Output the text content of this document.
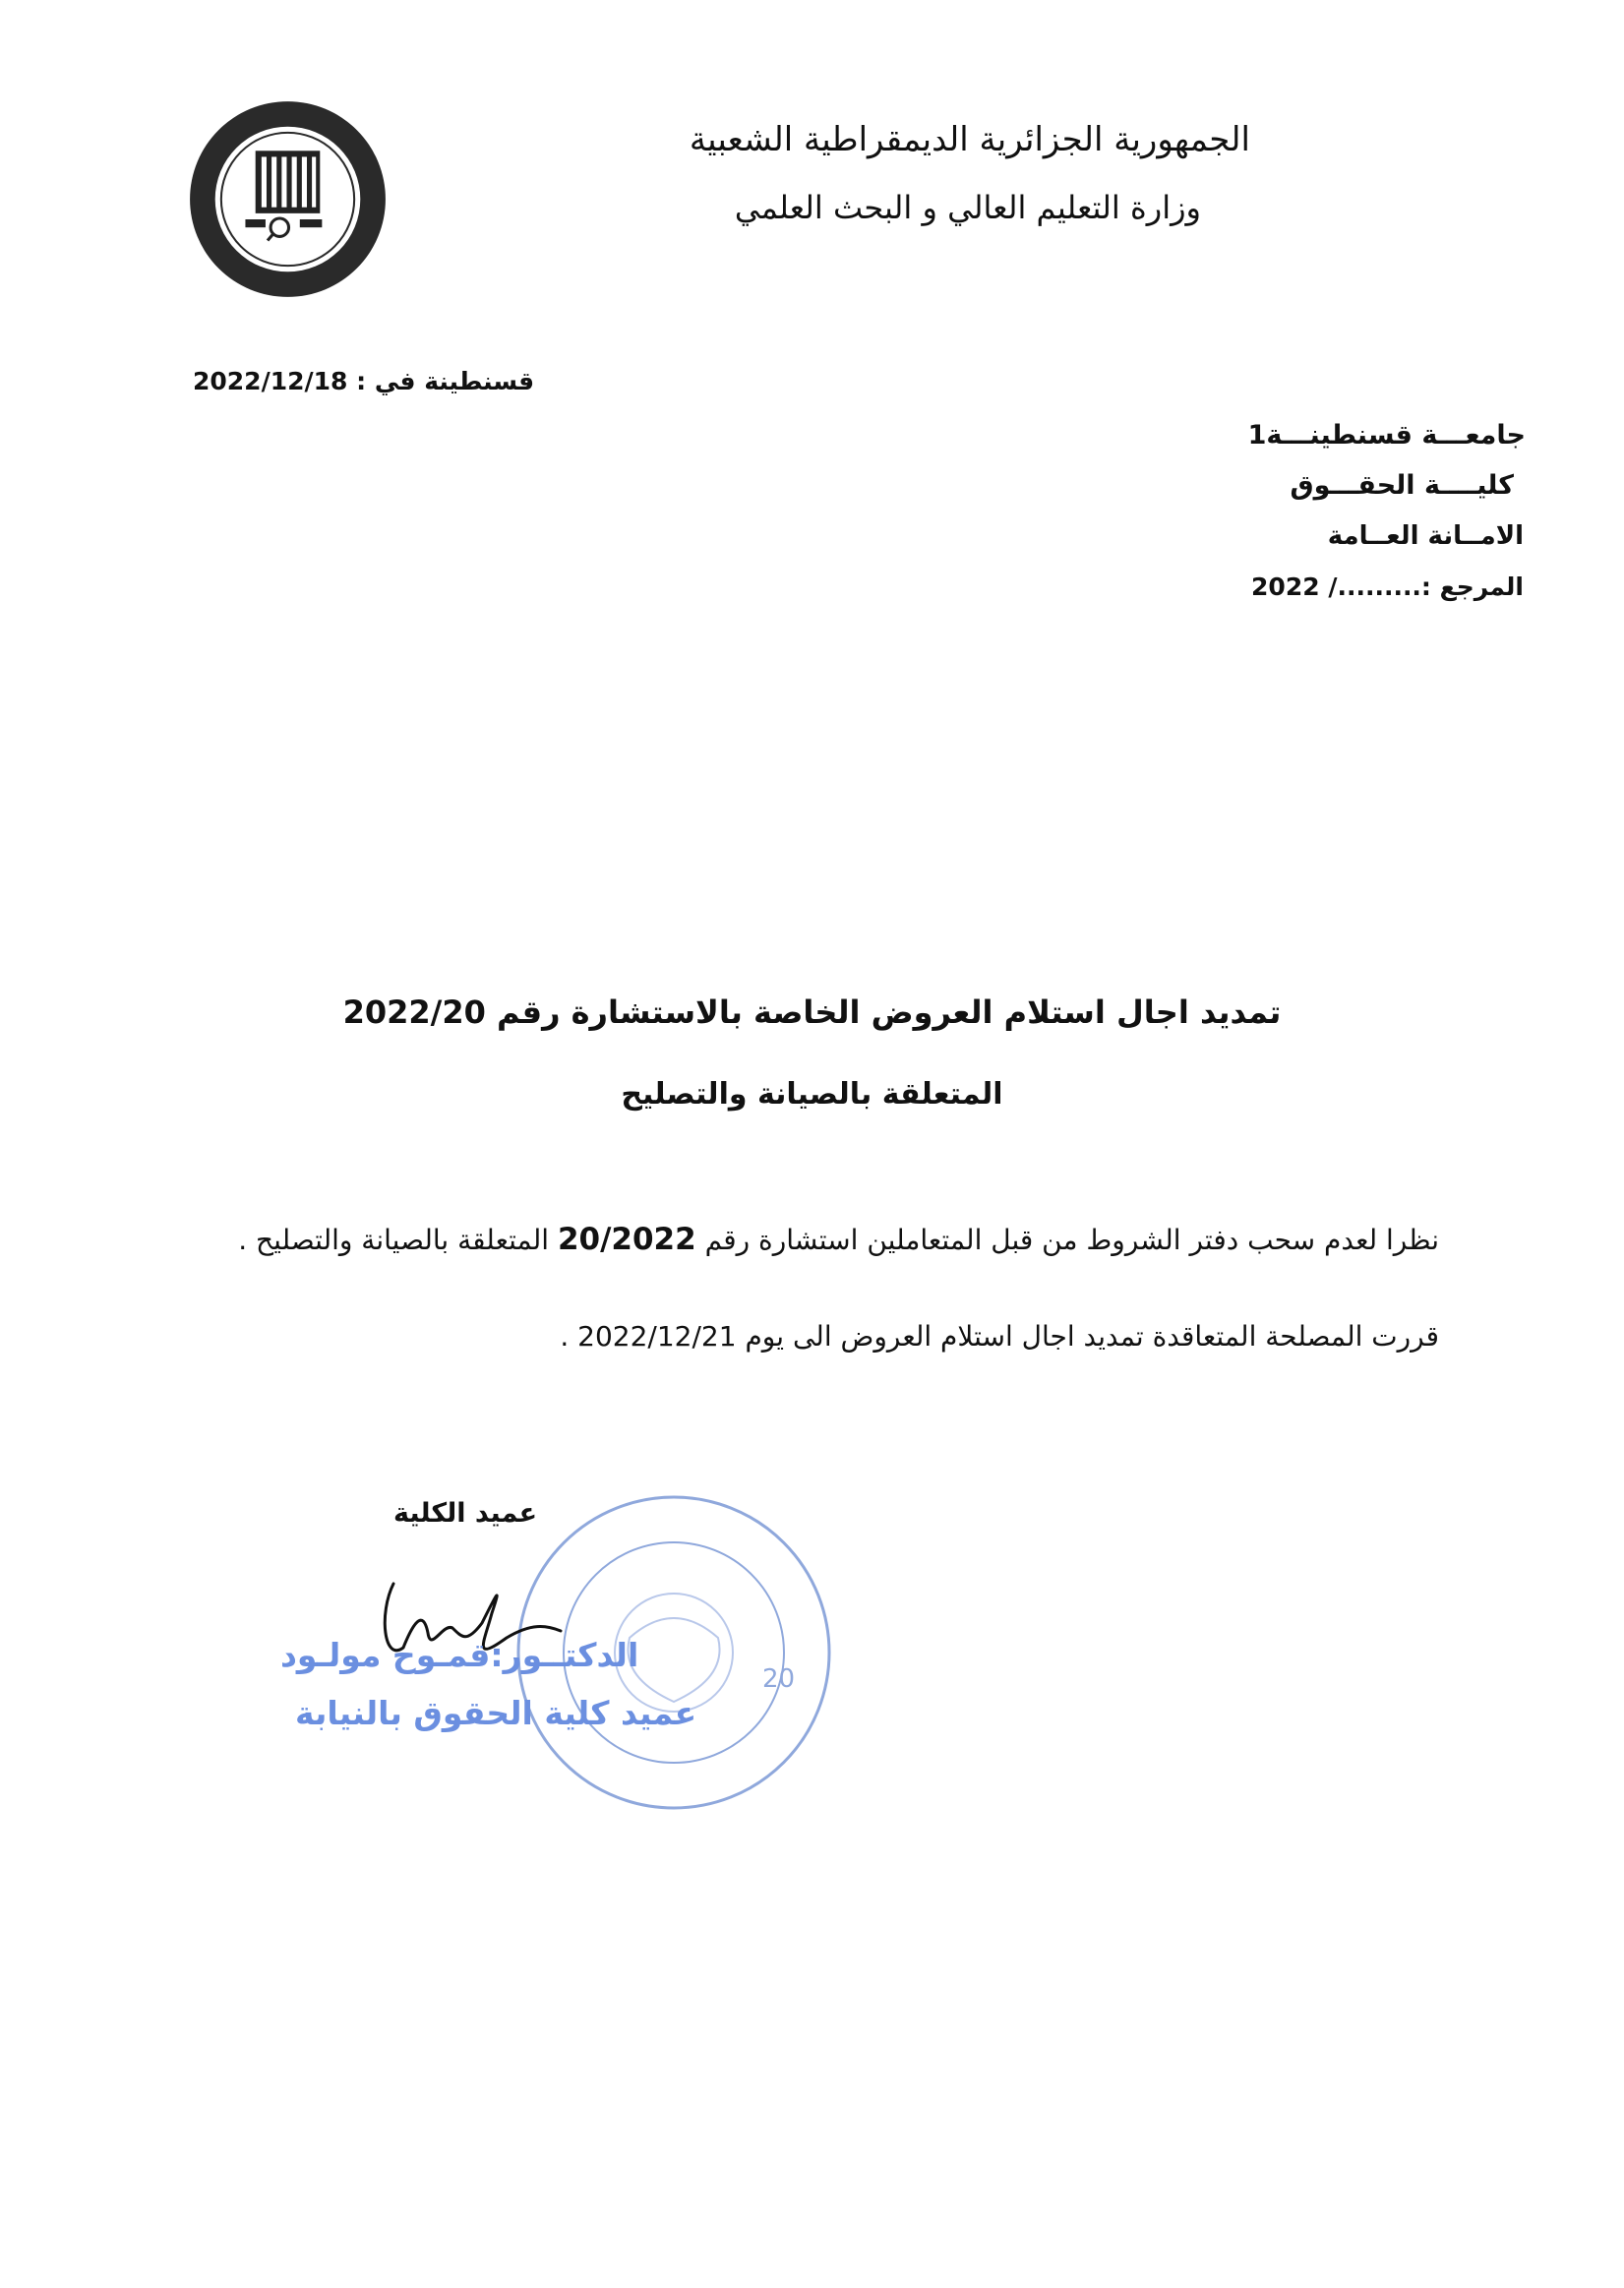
الجمهورية الجزائرية الديمقراطية الشعبية
وزارة التعليم العالي و البحث العلمي
قسنطينة في : 2022/12/18
جامعـــة قسنطينـــة1
كليــــة الحقـــوق
الامــانة العــامة
المرجع :........./ 2022
تمديد اجال استلام العروض الخاصة بالاستشارة رقم 2022/20
المتعلقة بالصيانة والتصليح
نظرا لعدم سحب دفتر الشروط من قبل المتعاملين استشارة رقم 20/2022 المتعلقة بالصيانة والتصليح .
قررت المصلحة المتعاقدة تمديد اجال استلام العروض الى يوم 2022/12/21 .
20
عميد الكلية
الدكتــور:قمـوح مولـود
عميد كلية الحقوق بالنيابة
